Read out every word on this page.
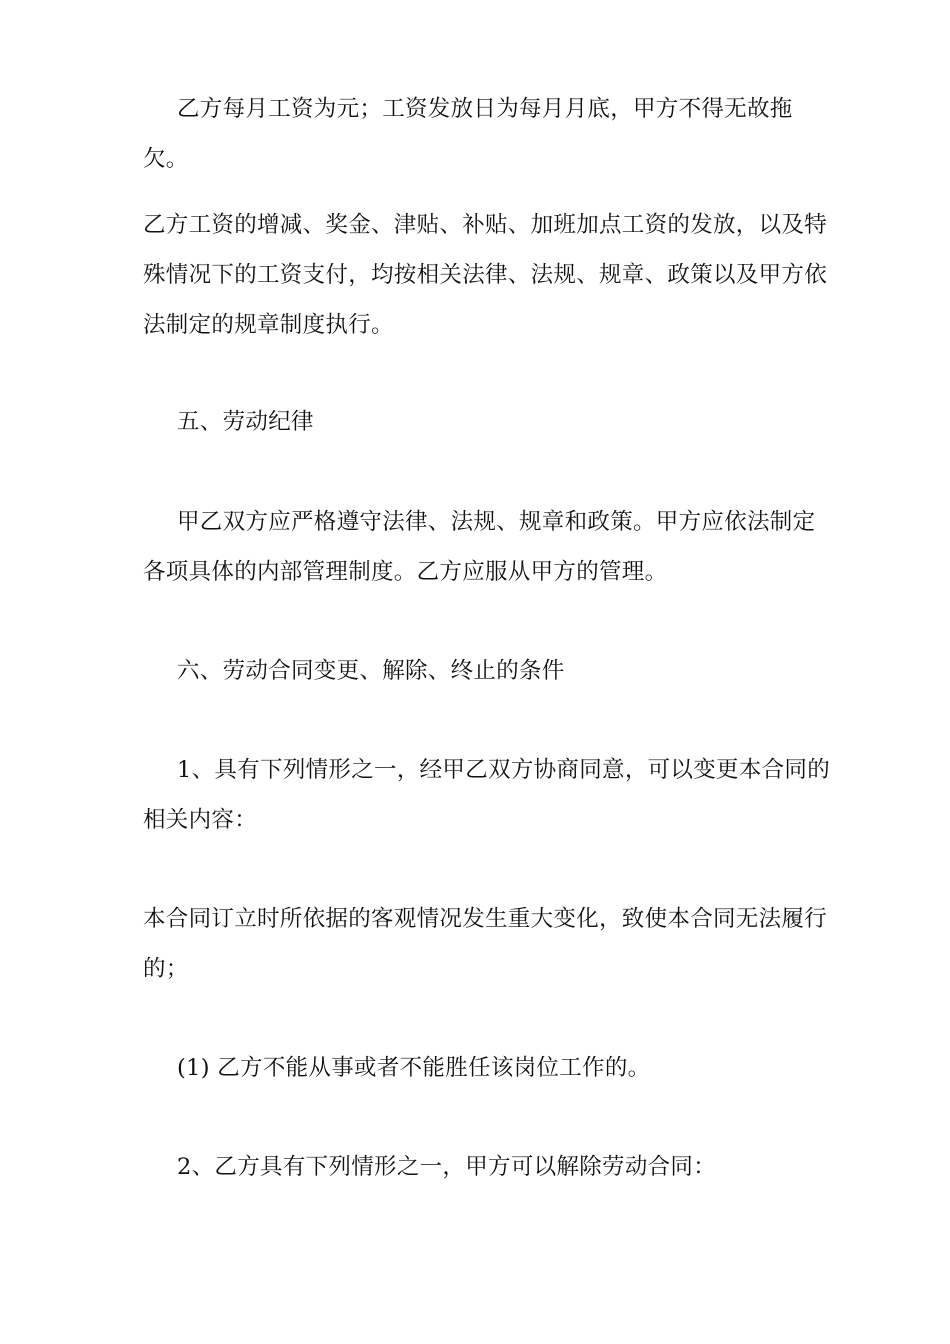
乙方每月工资为元；工资发放日为每月月底，甲方不得无故拖
欠。

乙方工资的增减、奖金、津贴、补贴、加班加点工资的发放，以及特
殊情况下的工资支付，均按相关法律、法规、规章、政策以及甲方依
法制定的规章制度执行。

五、劳动纪律

甲乙双方应严格遵守法律、法规、规章和政策。甲方应依法制定
各项具体的内部管理制度。乙方应服从甲方的管理。

六、劳动合同变更、解除、终止的条件

1、具有下列情形之一，经甲乙双方协商同意，可以变更本合同的
相关内容：

本合同订立时所依据的客观情况发生重大变化，致使本合同无法履行
的；

(1) 乙方不能从事或者不能胜任该岗位工作的。

2、乙方具有下列情形之一，甲方可以解除劳动合同：
